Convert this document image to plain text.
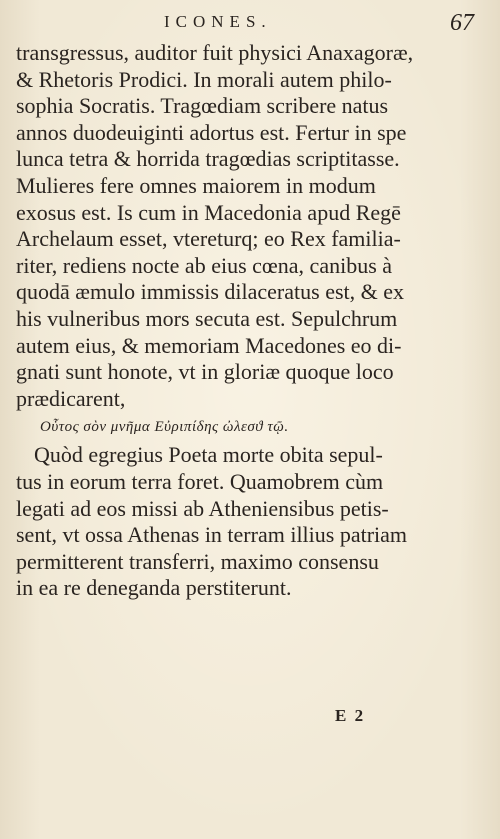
ICONES.	67
transgressus, auditor fuit physici Anaxagoræ,
& Rhetoris Prodici. In morali autem philo-
sophia Socratis. Tragœdiam scribere natus
annos duodeuiginti adortus est. Fertur in spe
lunca tetra & horrida tragœdias scriptitasse.
Mulieres fere omnes maiorem in modum
exosus est. Is cum in Macedonia apud Regē
Archelaum esset, vtereturq; eo Rex familia-
riter, rediens nocte ab eius cœna, canibus à
quodā æmulo immissis dilaceratus est, & ex
his vulneribus mors secuta est. Sepulchrum
autem eius, & memoriam Macedones eo di-
gnati sunt honote, vt in gloriæ quoque loco
prædicarent,
Οὗτος σὸν μνῆμα Εὐριπίδης ὠλεσϑ τῷ.
Quòd egregius Poeta morte obita sepul-
tus in eorum terra foret. Quamobrem cùm
legati ad eos missi ab Atheniensibus petis-
sent, vt ossa Athenas in terram illius patriam
permitterent transferri, maximo consensu
in ea re deneganda perstiterunt.
E 2
